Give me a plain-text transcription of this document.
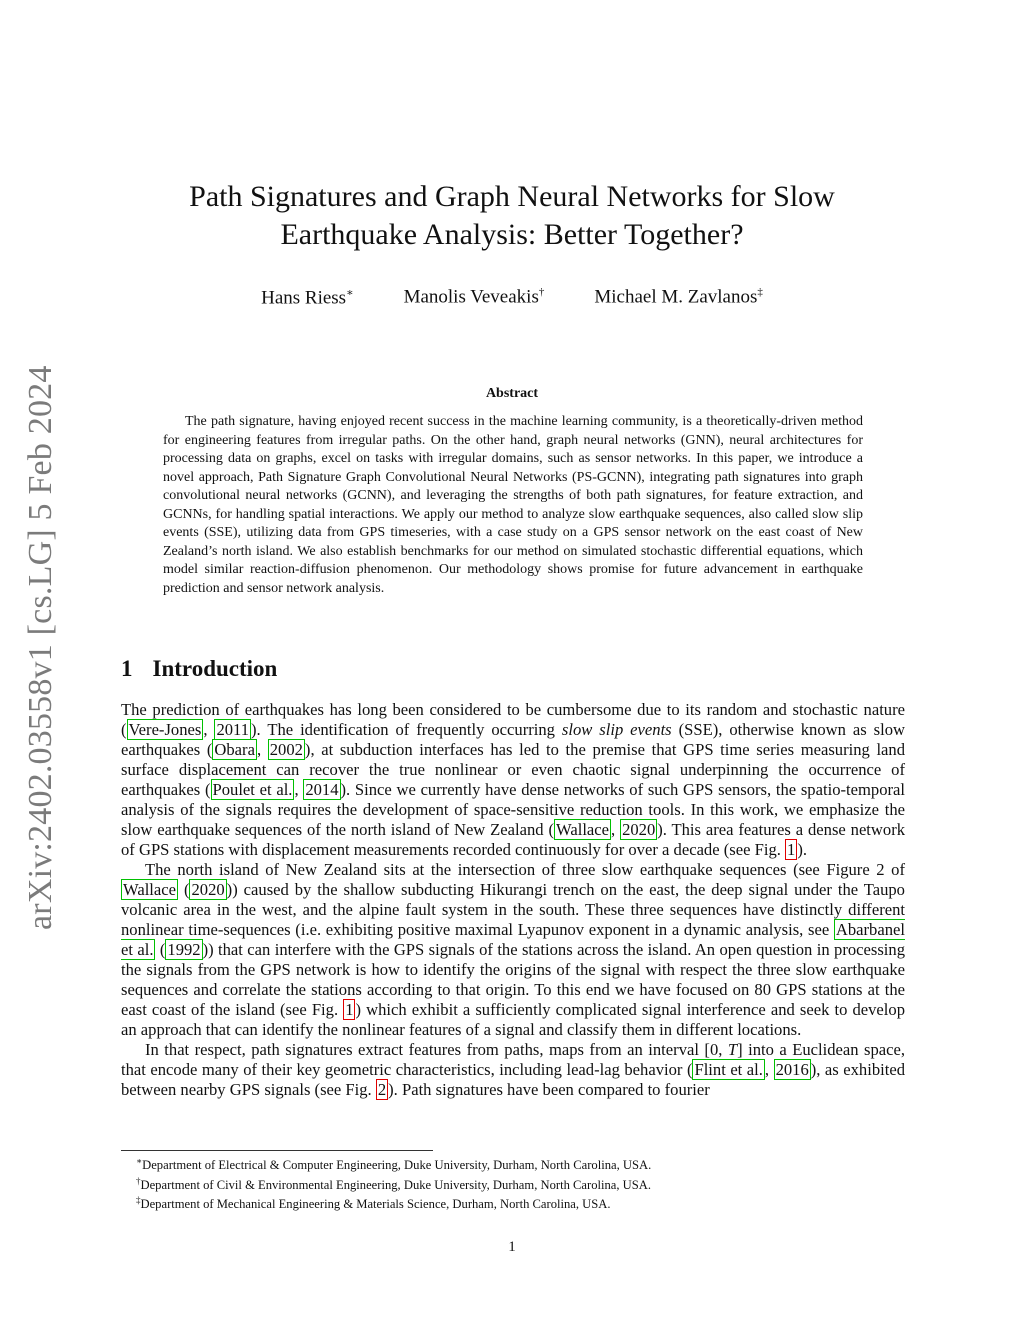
arXiv:2402.03558v1 [cs.LG] 5 Feb 2024
Path Signatures and Graph Neural Networks for Slow
Earthquake Analysis: Better Together?
Hans Riess∗	Manolis Veveakis†	Michael M. Zavlanos‡
Abstract
The path signature, having enjoyed recent success in the machine learning community, is a theoretically-driven method for engineering features from irregular paths. On the other hand, graph neural networks (GNN), neural architectures for processing data on graphs, excel on tasks with irregular domains, such as sensor networks. In this paper, we introduce a novel approach, Path Signature Graph Convolutional Neural Networks (PS-GCNN), integrating path signatures into graph convolutional neural networks (GCNN), and leveraging the strengths of both path signatures, for feature extraction, and GCNNs, for handling spatial interactions. We apply our method to analyze slow earthquake sequences, also called slow slip events (SSE), utilizing data from GPS timeseries, with a case study on a GPS sensor network on the east coast of New Zealand’s north island. We also establish benchmarks for our method on simulated stochastic differential equations, which model similar reaction-diffusion phenomenon. Our methodology shows promise for future advancement in earthquake prediction and sensor network analysis.
1 Introduction

The prediction of earthquakes has long been considered to be cumbersome due to its random and stochastic nature ( Vere-Jones , 2011 ). The identification of frequently occurring slow slip events (SSE), otherwise known as slow earthquakes ( Obara , 2002 ), at subduction interfaces has led to the premise that GPS time series measuring land surface displacement can recover the true nonlinear or even chaotic signal underpinning the occurrence of earthquakes ( Poulet et al. , 2014 ). Since we currently have dense networks of such GPS sensors, the spatio-temporal analysis of the signals requires the development of space-sensitive reduction tools. In this work, we emphasize the slow earthquake sequences of the north island of New Zealand ( Wallace , 2020 ). This area features a dense network of GPS stations with displacement measurements recorded continuously for over a decade (see Fig. 1 ).

The north island of New Zealand sits at the intersection of three slow earthquake sequences (see Figure 2 of Wallace ( 2020 )) caused by the shallow subducting Hikurangi trench on the east, the deep signal under the Taupo volcanic area in the west, and the alpine fault system in the south. These three sequences have distinctly different nonlinear time-sequences (i.e. exhibiting positive maximal Lyapunov exponent in a dynamic analysis, see Abarbanel et al. ( 1992 )) that can interfere with the GPS signals of the stations across the island. An open question in processing the signals from the GPS network is how to identify the origins of the signal with respect the three slow earthquake sequences and correlate the stations according to that origin. To this end we have focused on 80 GPS stations at the east coast of the island (see Fig. 1 ) which exhibit a sufficiently complicated signal interference and seek to develop an approach that can identify the nonlinear features of a signal and classify them in different locations.

In that respect, path signatures extract features from paths, maps from an interval [0, T] into a Euclidean space, that encode many of their key geometric characteristics, including lead-lag behavior ( Flint et al. , 2016 ), as exhibited between nearby GPS signals (see Fig. 2 ). Path signatures have been compared to fourier

∗Department of Electrical & Computer Engineering, Duke University, Durham, North Carolina, USA.
†Department of Civil & Environmental Engineering, Duke University, Durham, North Carolina, USA.
‡Department of Mechanical Engineering & Materials Science, Durham, North Carolina, USA.
1
